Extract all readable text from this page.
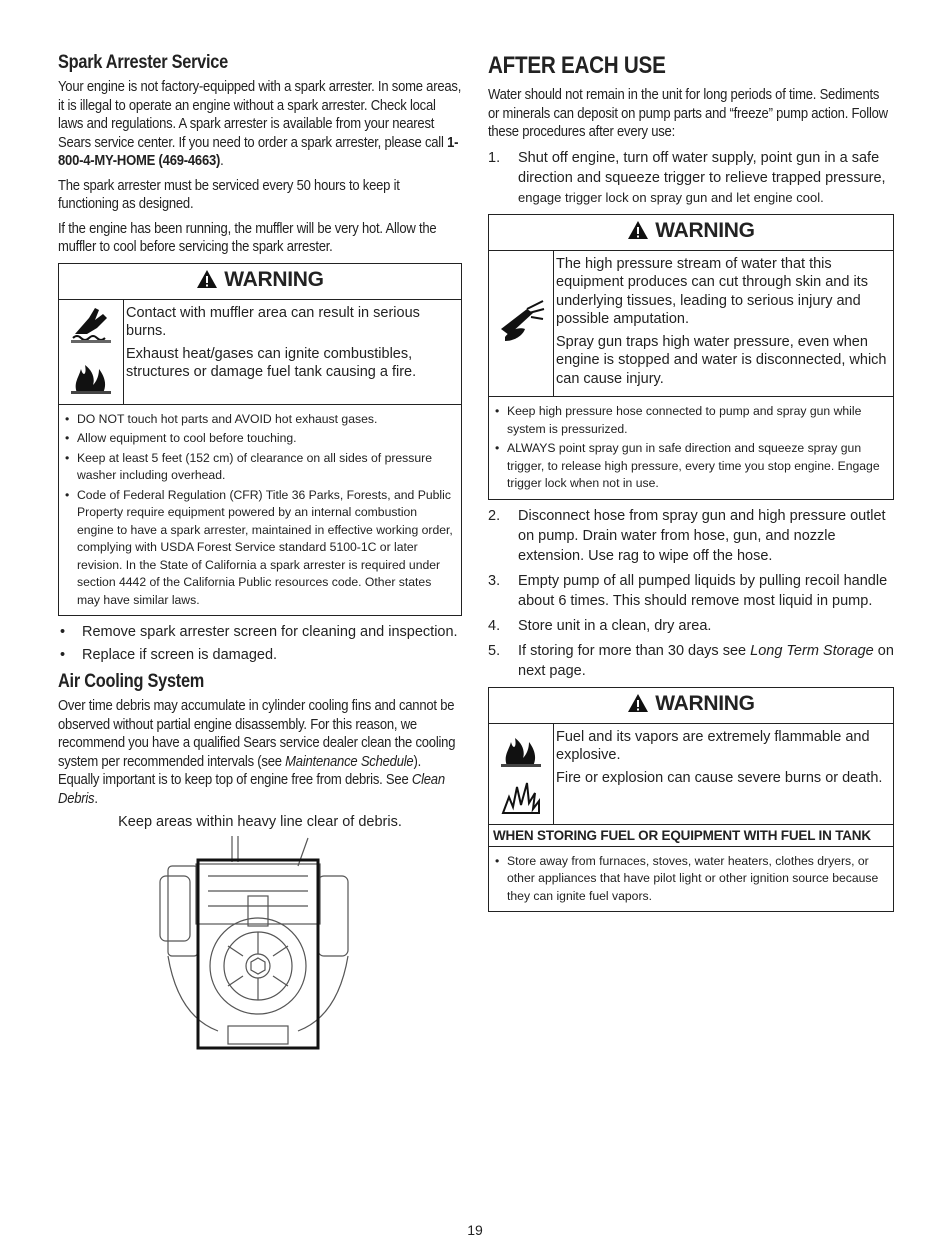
Spark Arrester Service

Your engine is not factory-equipped with a spark arrester. In some areas, it is illegal to operate an engine without a spark arrester. Check local laws and regulations. A spark arrester is available from your nearest Sears service center. If you need to order a spark arrester, please call 1-800-4-MY-HOME (469-4663).

The spark arrester must be serviced every 50 hours to keep it functioning as designed.

If the engine has been running, the muffler will be very hot. Allow the muffler to cool before servicing the spark arrester.

WARNING
Contact with muffler area can result in serious burns.
Exhaust heat/gases can ignite combustibles, structures or damage fuel tank causing a fire.
• DO NOT touch hot parts and AVOID hot exhaust gases.
• Allow equipment to cool before touching.
• Keep at least 5 feet (152 cm) of clearance on all sides of pressure washer including overhead.
• Code of Federal Regulation (CFR) Title 36 Parks, Forests, and Public Property require equipment powered by an internal combustion engine to have a spark arrester, maintained in effective working order, complying with USDA Forest Service standard 5100-1C or later revision. In the State of California a spark arrester is required under section 4442 of the California Public resources code. Other states may have similar laws.
• Remove spark arrester screen for cleaning and inspection.
• Replace if screen is damaged.
Air Cooling System

Over time debris may accumulate in cylinder cooling fins and cannot be observed without partial engine disassembly. For this reason, we recommend you have a qualified Sears service dealer clean the cooling system per recommended intervals (see Maintenance Schedule). Equally important is to keep top of engine free from debris. See Clean Debris.

Keep areas within heavy line clear of debris.
AFTER EACH USE

Water should not remain in the unit for long periods of time. Sediments or minerals can deposit on pump parts and “freeze” pump action. Follow these procedures after every use:

1. Shut off engine, turn off water supply, point gun in a safe direction and squeeze trigger to relieve trapped pressure, engage trigger lock on spray gun and let engine cool.
WARNING
The high pressure stream of water that this equipment produces can cut through skin and its underlying tissues, leading to serious injury and possible amputation.
Spray gun traps high water pressure, even when engine is stopped and water is disconnected, which can cause injury.
• Keep high pressure hose connected to pump and spray gun while system is pressurized.
• ALWAYS point spray gun in safe direction and squeeze spray gun trigger, to release high pressure, every time you stop engine. Engage trigger lock when not in use.
2. Disconnect hose from spray gun and high pressure outlet on pump. Drain water from hose, gun, and nozzle extension. Use rag to wipe off the hose.
3. Empty pump of all pumped liquids by pulling recoil handle about 6 times. This should remove most liquid in pump.
4. Store unit in a clean, dry area.
5. If storing for more than 30 days see Long Term Storage on next page.
WARNING
Fuel and its vapors are extremely flammable and explosive.
Fire or explosion can cause severe burns or death.
WHEN STORING FUEL OR EQUIPMENT WITH FUEL IN TANK
• Store away from furnaces, stoves, water heaters, clothes dryers, or other appliances that have pilot light or other ignition source because they can ignite fuel vapors.
19
